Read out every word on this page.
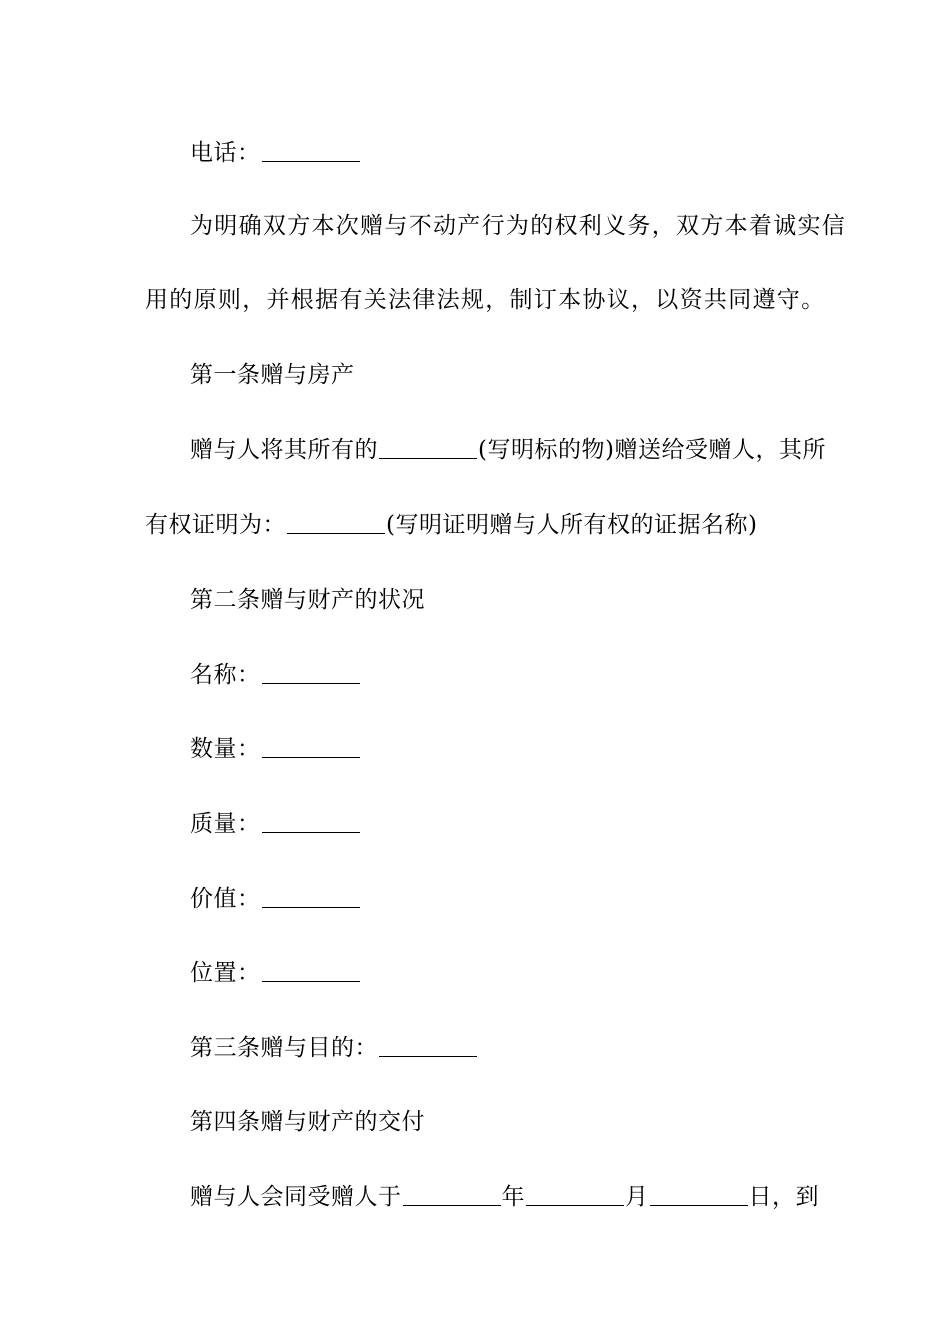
电话：
为明确双方本次赠与不动产行为的权利义务，双方本着诚实信
用的原则，并根据有关法律法规，制订本协议，以资共同遵守。
第一条赠与房产
赠与人将其所有的	(写明标的物)赠送给受赠人，其所
有权证明为：	(写明证明赠与人所有权的证据名称)
第二条赠与财产的状况
名称：
数量：
质量：
价值：
位置：
第三条赠与目的：
第四条赠与财产的交付
赠与人会同受赠人于	年	月	日，到
